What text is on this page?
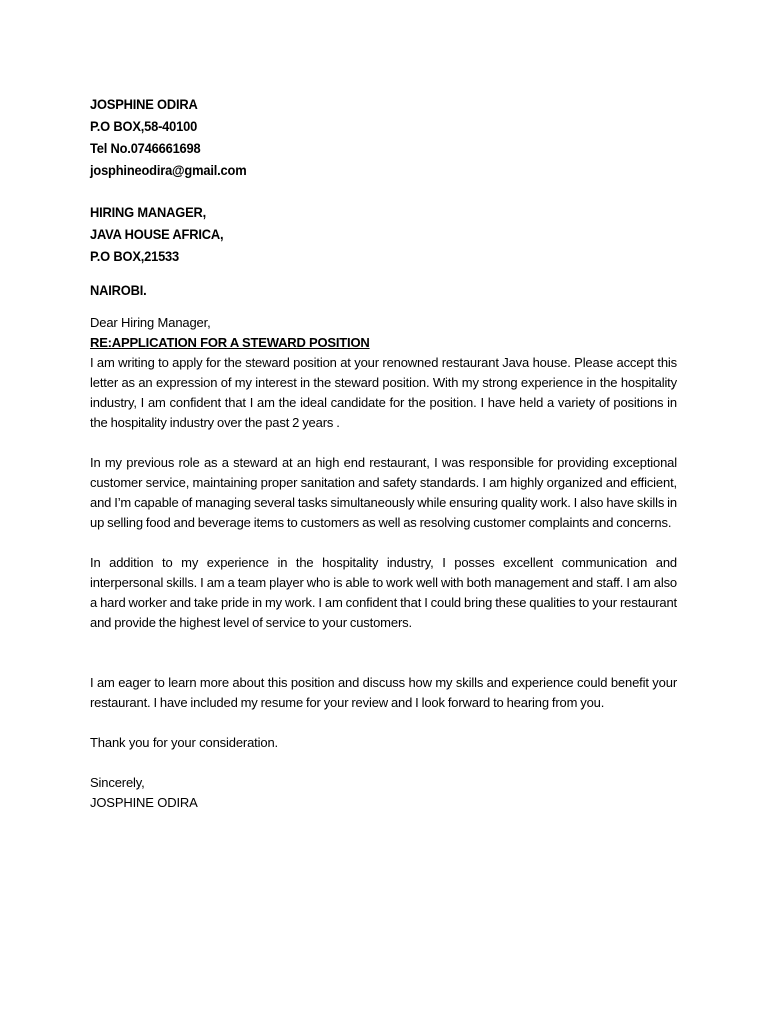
JOSPHINE ODIRA
P.O BOX,58-40100
Tel No.0746661698
josphineodira@gmail.com
HIRING MANAGER,
JAVA HOUSE AFRICA,
P.O BOX,21533
NAIROBI.
Dear Hiring Manager,
RE:APPLICATION FOR A STEWARD POSITION
I am writing to apply for the steward position at your renowned restaurant Java house. Please accept this letter as an expression of my interest in the steward position. With my strong experience in the hospitality industry, I am confident that I am the ideal candidate for the position. I have held a variety of positions in the hospitality industry over the past 2 years .
In my previous role as a steward at an high end restaurant, I was responsible for providing exceptional customer service, maintaining proper sanitation and safety standards. I am highly organized and efficient, and I’m capable of managing several tasks simultaneously while ensuring quality work. I also have skills in up selling food and beverage items to customers as well as resolving customer complaints and concerns.
In addition to my experience in the hospitality industry, I posses excellent communication and interpersonal skills. I am a team player who is able to work well with both management and staff. I am also a hard worker and take pride in my work. I am confident that I could bring these qualities to your restaurant and provide the highest level of service to your customers.
I am eager to learn more about this position and discuss how my skills and experience could benefit your restaurant. I have included my resume for your review and I look forward to hearing from you.
Thank you for your consideration.
Sincerely,
JOSPHINE ODIRA
